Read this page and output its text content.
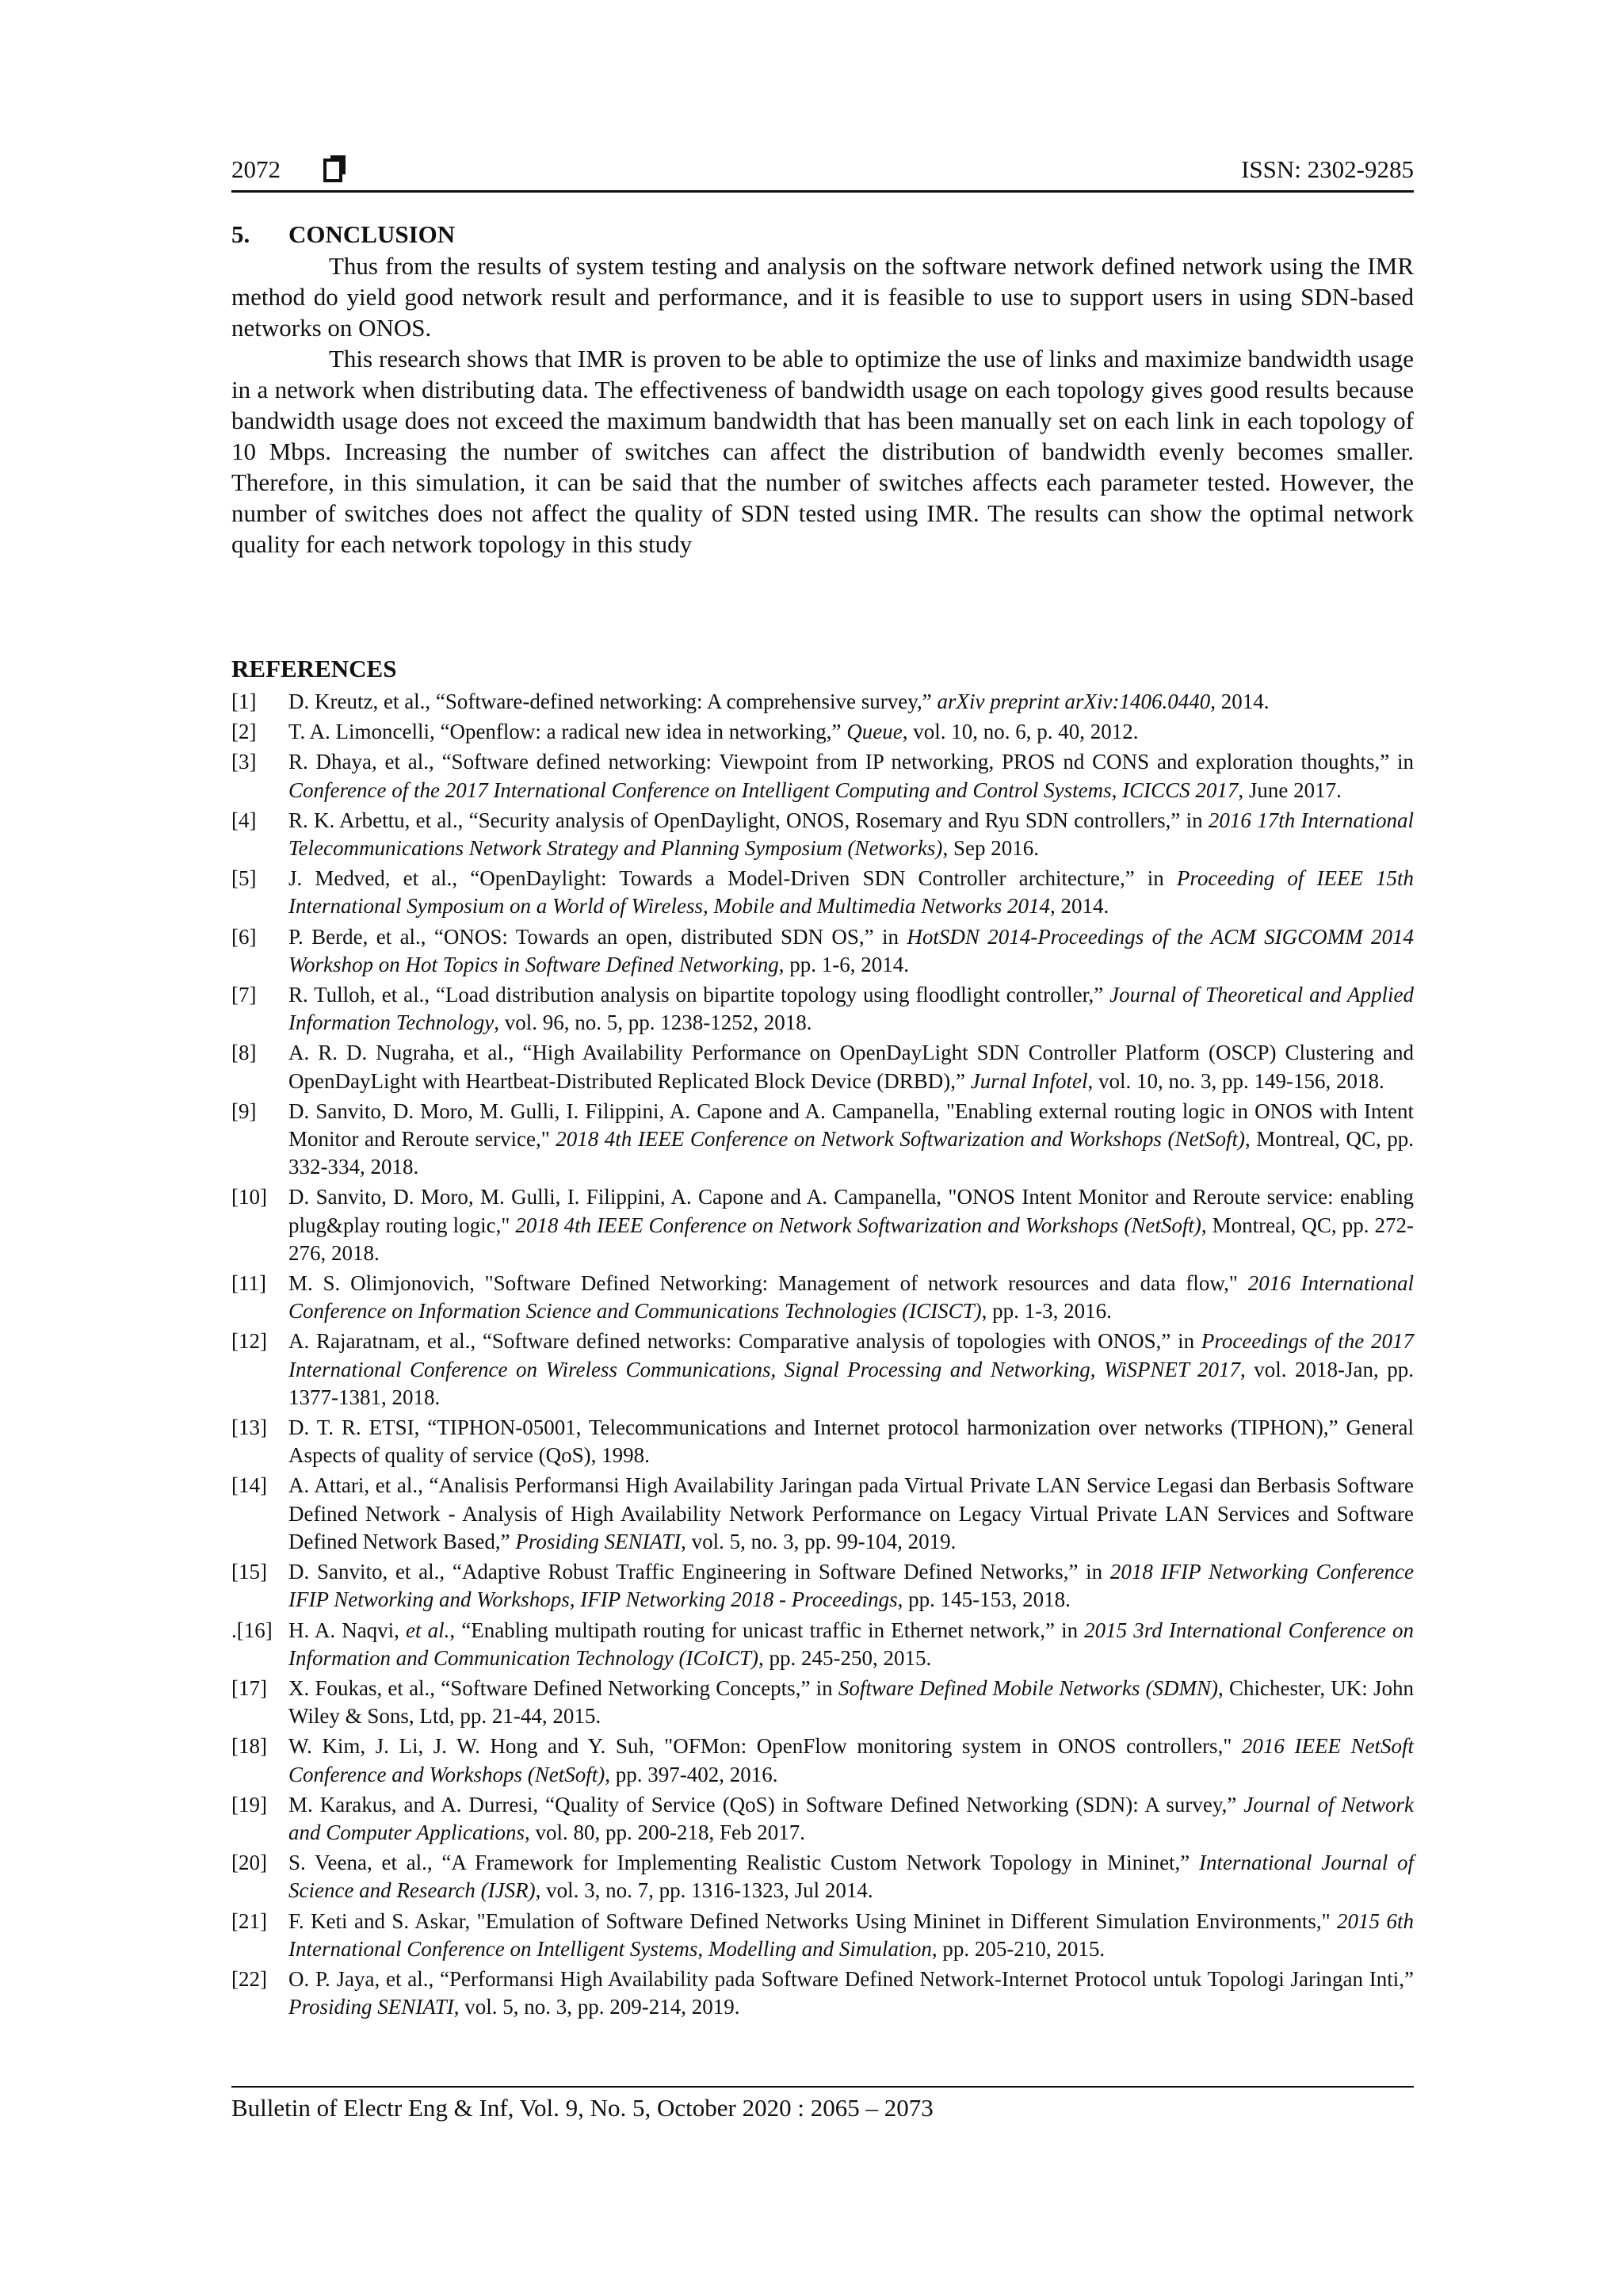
2072	ISSN: 2302-9285
5. CONCLUSION

Thus from the results of system testing and analysis on the software network defined network using the IMR method do yield good network result and performance, and it is feasible to use to support users in using SDN-based networks on ONOS.

This research shows that IMR is proven to be able to optimize the use of links and maximize bandwidth usage in a network when distributing data. The effectiveness of bandwidth usage on each topology gives good results because bandwidth usage does not exceed the maximum bandwidth that has been manually set on each link in each topology of 10 Mbps. Increasing the number of switches can affect the distribution of bandwidth evenly becomes smaller. Therefore, in this simulation, it can be said that the number of switches affects each parameter tested. However, the number of switches does not affect the quality of SDN tested using IMR. The results can show the optimal network quality for each network topology in this study

REFERENCES
[1] D. Kreutz, et al., “Software-defined networking: A comprehensive survey,” arXiv preprint arXiv:1406.0440, 2014.
[2] T. A. Limoncelli, “Openflow: a radical new idea in networking,” Queue, vol. 10, no. 6, p. 40, 2012.
[3] R. Dhaya, et al., “Software defined networking: Viewpoint from IP networking, PROS nd CONS and exploration thoughts,” in Conference of the 2017 International Conference on Intelligent Computing and Control Systems, ICICCS 2017, June 2017.
[4] R. K. Arbettu, et al., “Security analysis of OpenDaylight, ONOS, Rosemary and Ryu SDN controllers,” in 2016 17th International Telecommunications Network Strategy and Planning Symposium (Networks), Sep 2016.
[5] J. Medved, et al., “OpenDaylight: Towards a Model-Driven SDN Controller architecture,” in Proceeding of IEEE 15th International Symposium on a World of Wireless, Mobile and Multimedia Networks 2014, 2014.
[6] P. Berde, et al., “ONOS: Towards an open, distributed SDN OS,” in HotSDN 2014-Proceedings of the ACM SIGCOMM 2014 Workshop on Hot Topics in Software Defined Networking, pp. 1-6, 2014.
[7] R. Tulloh, et al., “Load distribution analysis on bipartite topology using floodlight controller,” Journal of Theoretical and Applied Information Technology, vol. 96, no. 5, pp. 1238-1252, 2018.
[8] A. R. D. Nugraha, et al., “High Availability Performance on OpenDayLight SDN Controller Platform (OSCP) Clustering and OpenDayLight with Heartbeat-Distributed Replicated Block Device (DRBD),” Jurnal Infotel, vol. 10, no. 3, pp. 149-156, 2018.
[9] D. Sanvito, D. Moro, M. Gulli, I. Filippini, A. Capone and A. Campanella, "Enabling external routing logic in ONOS with Intent Monitor and Reroute service," 2018 4th IEEE Conference on Network Softwarization and Workshops (NetSoft), Montreal, QC, pp. 332-334, 2018.
[10] D. Sanvito, D. Moro, M. Gulli, I. Filippini, A. Capone and A. Campanella, "ONOS Intent Monitor and Reroute service: enabling plug&play routing logic," 2018 4th IEEE Conference on Network Softwarization and Workshops (NetSoft), Montreal, QC, pp. 272-276, 2018.
[11] M. S. Olimjonovich, "Software Defined Networking: Management of network resources and data flow," 2016 International Conference on Information Science and Communications Technologies (ICISCT), pp. 1-3, 2016.
[12] A. Rajaratnam, et al., “Software defined networks: Comparative analysis of topologies with ONOS,” in Proceedings of the 2017 International Conference on Wireless Communications, Signal Processing and Networking, WiSPNET 2017, vol. 2018-Jan, pp. 1377-1381, 2018.
[13] D. T. R. ETSI, “TIPHON-05001, Telecommunications and Internet protocol harmonization over networks (TIPHON),” General Aspects of quality of service (QoS), 1998.
[14] A. Attari, et al., “Analisis Performansi High Availability Jaringan pada Virtual Private LAN Service Legasi dan Berbasis Software Defined Network - Analysis of High Availability Network Performance on Legacy Virtual Private LAN Services and Software Defined Network Based,” Prosiding SENIATI, vol. 5, no. 3, pp. 99-104, 2019.
[15] D. Sanvito, et al., “Adaptive Robust Traffic Engineering in Software Defined Networks,” in 2018 IFIP Networking Conference IFIP Networking and Workshops, IFIP Networking 2018 - Proceedings, pp. 145-153, 2018.
.[16] H. A. Naqvi, et al., “Enabling multipath routing for unicast traffic in Ethernet network,” in 2015 3rd International Conference on Information and Communication Technology (ICoICT), pp. 245-250, 2015.
[17] X. Foukas, et al., “Software Defined Networking Concepts,” in Software Defined Mobile Networks (SDMN), Chichester, UK: John Wiley & Sons, Ltd, pp. 21-44, 2015.
[18] W. Kim, J. Li, J. W. Hong and Y. Suh, "OFMon: OpenFlow monitoring system in ONOS controllers," 2016 IEEE NetSoft Conference and Workshops (NetSoft), pp. 397-402, 2016.
[19] M. Karakus, and A. Durresi, “Quality of Service (QoS) in Software Defined Networking (SDN): A survey,” Journal of Network and Computer Applications, vol. 80, pp. 200-218, Feb 2017.
[20] S. Veena, et al., “A Framework for Implementing Realistic Custom Network Topology in Mininet,” International Journal of Science and Research (IJSR), vol. 3, no. 7, pp. 1316-1323, Jul 2014.
[21] F. Keti and S. Askar, "Emulation of Software Defined Networks Using Mininet in Different Simulation Environments," 2015 6th International Conference on Intelligent Systems, Modelling and Simulation, pp. 205-210, 2015.
[22] O. P. Jaya, et al., “Performansi High Availability pada Software Defined Network-Internet Protocol untuk Topologi Jaringan Inti,” Prosiding SENIATI, vol. 5, no. 3, pp. 209-214, 2019.
Bulletin of Electr Eng & Inf, Vol. 9, No. 5, October 2020 : 2065 – 2073
